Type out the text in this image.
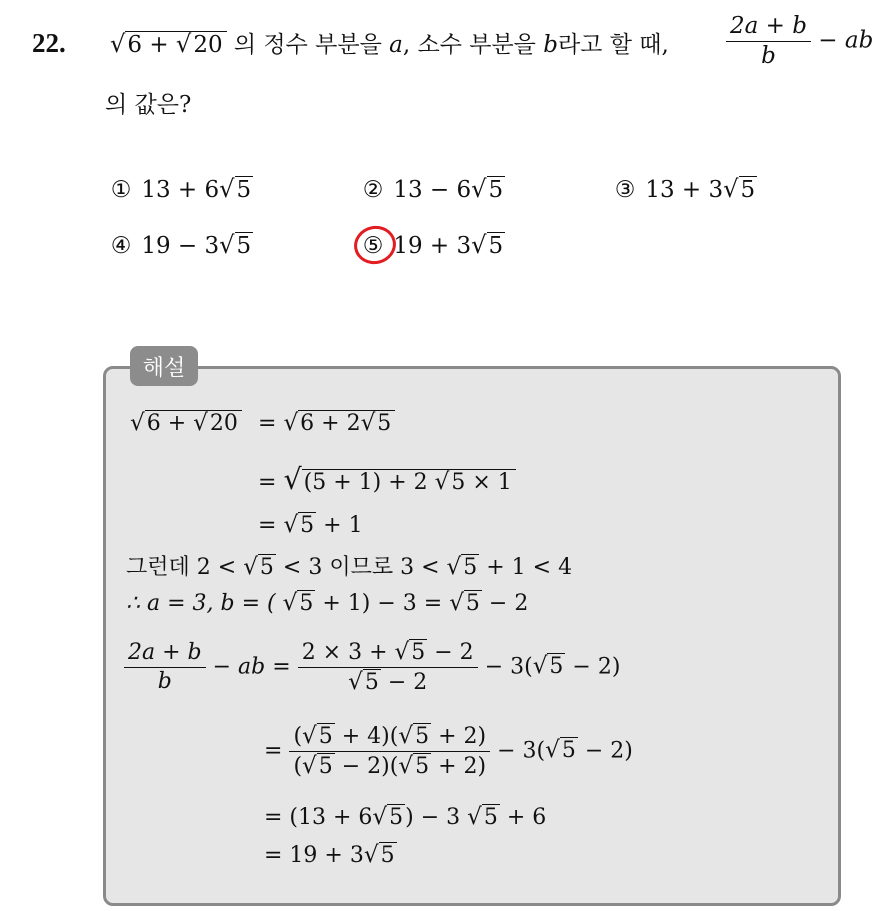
22. √6 + √20 의 정수 부분을 a, 소수 부분을 b라고 할 때, $\frac{2a + b}{b}$ − ab
의 값은?
① 13 + 6√5	② 13 − 6√5	③ 13 + 3√5
④ 19 − 3√5	⑤ 19 + 3√5
해설
√6 + √20 = √6 + 2√5
= √(5 + 1) + 2 √5 × 1
= √5 + 1
그런데 2 < √5 < 3 이므로 3 < √5 + 1 < 4
∴ a = 3, b = ( √5 + 1) − 3 = √5 − 2
$\frac{2a + b}{b}$ − ab = $\frac{2 \times 3 + √5 - 2}{√5 - 2} - 3(√5 - 2)$
= $\frac{(√5 + 4)(√5 + 2)}{(√5 - 2)(√5 + 2)} - 3(√5 - 2)$
= (13 + 6√5) − 3 √5 + 6
= 19 + 3√5
